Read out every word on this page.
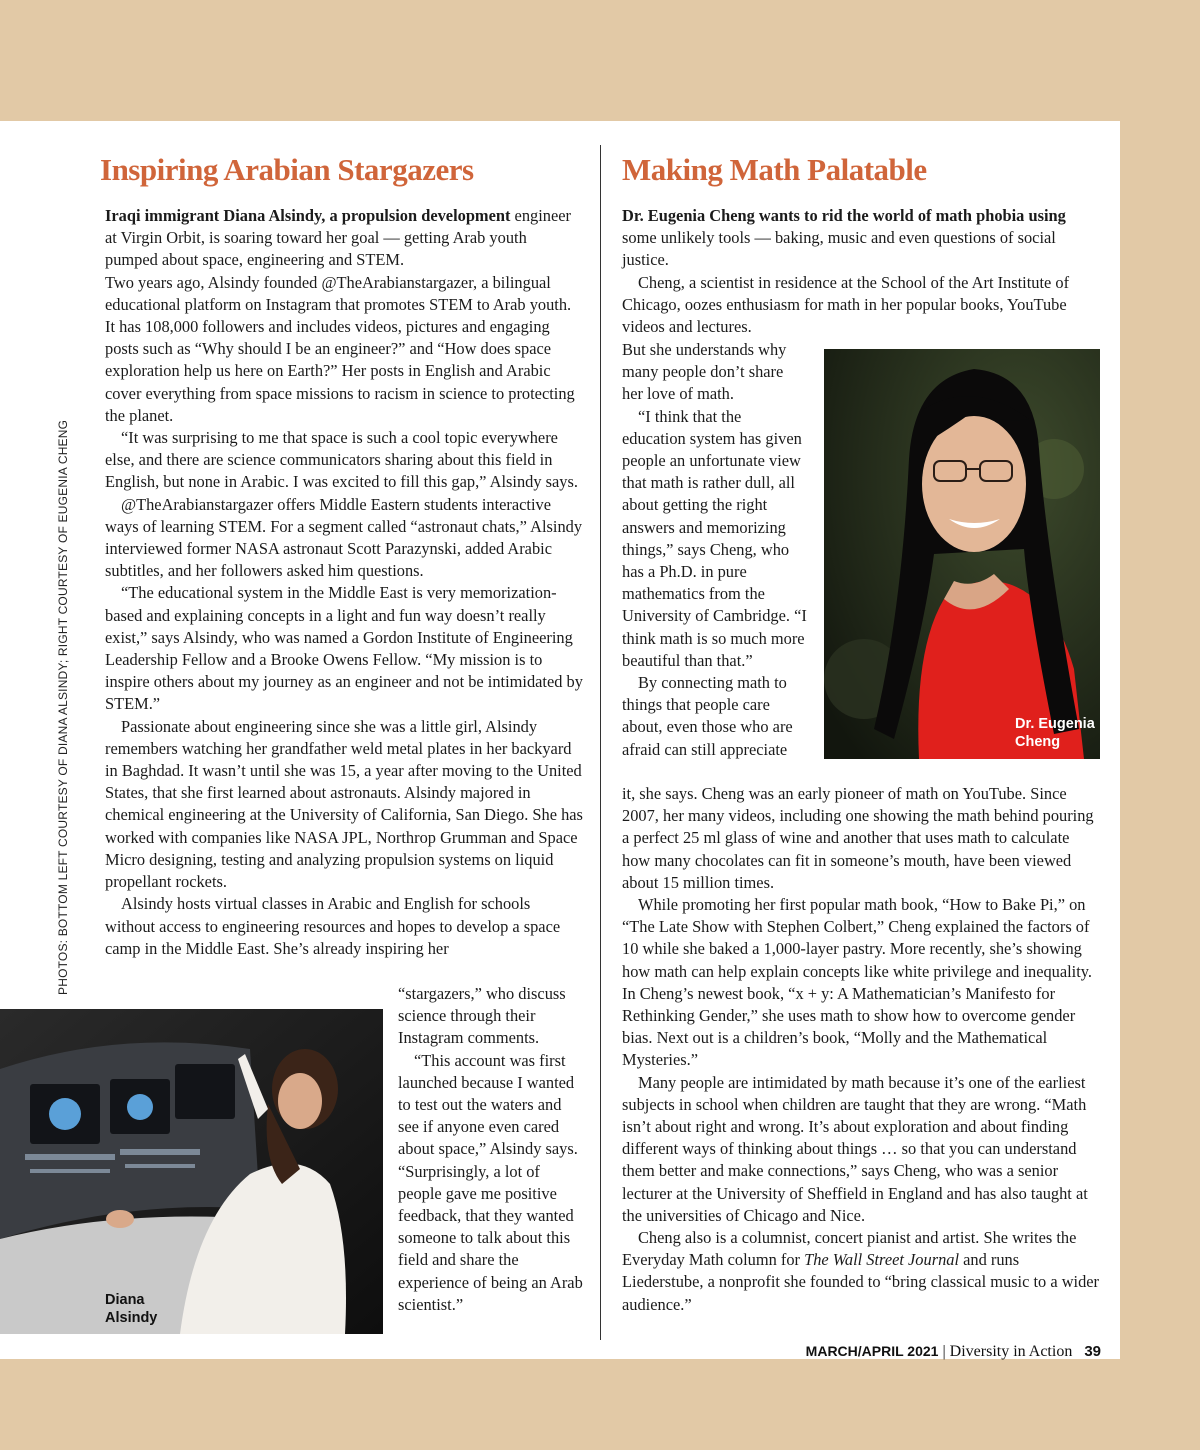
PHOTOS: BOTTOM LEFT COURTESY OF DIANA ALSINDY; RIGHT COURTESY OF EUGENIA CHENG
Inspiring Arabian Stargazers

Iraqi immigrant Diana Alsindy, a propulsion development engineer at Virgin Orbit, is soaring toward her goal — getting Arab youth pumped about space, engineering and STEM.

Two years ago, Alsindy founded @TheArabianstargazer, a bilingual educational platform on Instagram that promotes STEM to Arab youth. It has 108,000 followers and includes videos, pictures and engaging posts such as “Why should I be an engineer?” and “How does space exploration help us here on Earth?” Her posts in English and Arabic cover everything from space missions to racism in science to protecting the planet.

“It was surprising to me that space is such a cool topic everywhere else, and there are science communicators sharing about this field in English, but none in Arabic. I was excited to fill this gap,” Alsindy says.

@TheArabianstargazer offers Middle Eastern students interactive ways of learning STEM. For a segment called “astronaut chats,” Alsindy interviewed former NASA astronaut Scott Parazynski, added Arabic subtitles, and her followers asked him questions.

“The educational system in the Middle East is very memorization-based and explaining concepts in a light and fun way doesn’t really exist,” says Alsindy, who was named a Gordon Institute of Engineering Leadership Fellow and a Brooke Owens Fellow. “My mission is to inspire others about my journey as an engineer and not be intimidated by STEM.”

Passionate about engineering since she was a little girl, Alsindy remembers watching her grandfather weld metal plates in her backyard in Baghdad. It wasn’t until she was 15, a year after moving to the United States, that she first learned about astronauts. Alsindy majored in chemical engineering at the University of California, San Diego. She has worked with companies like NASA JPL, Northrop Grumman and Space Micro designing, testing and analyzing propulsion systems on liquid propellant rockets.

Alsindy hosts virtual classes in Arabic and English for schools without access to engineering resources and hopes to develop a space camp in the Middle East. She’s already inspiring her

“stargazers,” who discuss science through their Instagram comments.

“This account was first launched because I wanted to test out the waters and see if anyone even cared about space,” Alsindy says. “Surprisingly, a lot of people gave me positive feedback, that they wanted someone to talk about this field and share the experience of being an Arab scientist.”

Diana Alsindy
Making Math Palatable

Dr. Eugenia Cheng wants to rid the world of math phobia using some unlikely tools — baking, music and even questions of social justice.

Cheng, a scientist in residence at the School of the Art Institute of Chicago, oozes enthusiasm for math in her popular books, YouTube videos and lectures.

But she understands why many people don’t share her love of math.

“I think that the education system has given people an unfortunate view that math is rather dull, all about getting the right answers and memorizing things,” says Cheng, who has a Ph.D. in pure mathematics from the University of Cambridge. “I think math is so much more beautiful than that.”

By connecting math to things that people care about, even those who are afraid can still appreciate

Dr. Eugenia Cheng

it, she says. Cheng was an early pioneer of math on YouTube. Since 2007, her many videos, including one showing the math behind pouring a perfect 25 ml glass of wine and another that uses math to calculate how many chocolates can fit in someone’s mouth, have been viewed about 15 million times.

While promoting her first popular math book, “How to Bake Pi,” on “The Late Show with Stephen Colbert,” Cheng explained the factors of 10 while she baked a 1,000-layer pastry. More recently, she’s showing how math can help explain concepts like white privilege and inequality. In Cheng’s newest book, “x + y: A Mathematician’s Manifesto for Rethinking Gender,” she uses math to show how to overcome gender bias. Next out is a children’s book, “Molly and the Mathematical Mysteries.”

Many people are intimidated by math because it’s one of the earliest subjects in school when children are taught that they are wrong. “Math isn’t about right and wrong. It’s about exploration and about finding different ways of thinking about things … so that you can understand them better and make connections,” says Cheng, who was a senior lecturer at the University of Sheffield in England and has also taught at the universities of Chicago and Nice.

Cheng also is a columnist, concert pianist and artist. She writes the Everyday Math column for The Wall Street Journal and runs Liederstube, a nonprofit she founded to “bring classical music to a wider audience.”

MARCH/APRIL 2021 | Diversity in Action 39
